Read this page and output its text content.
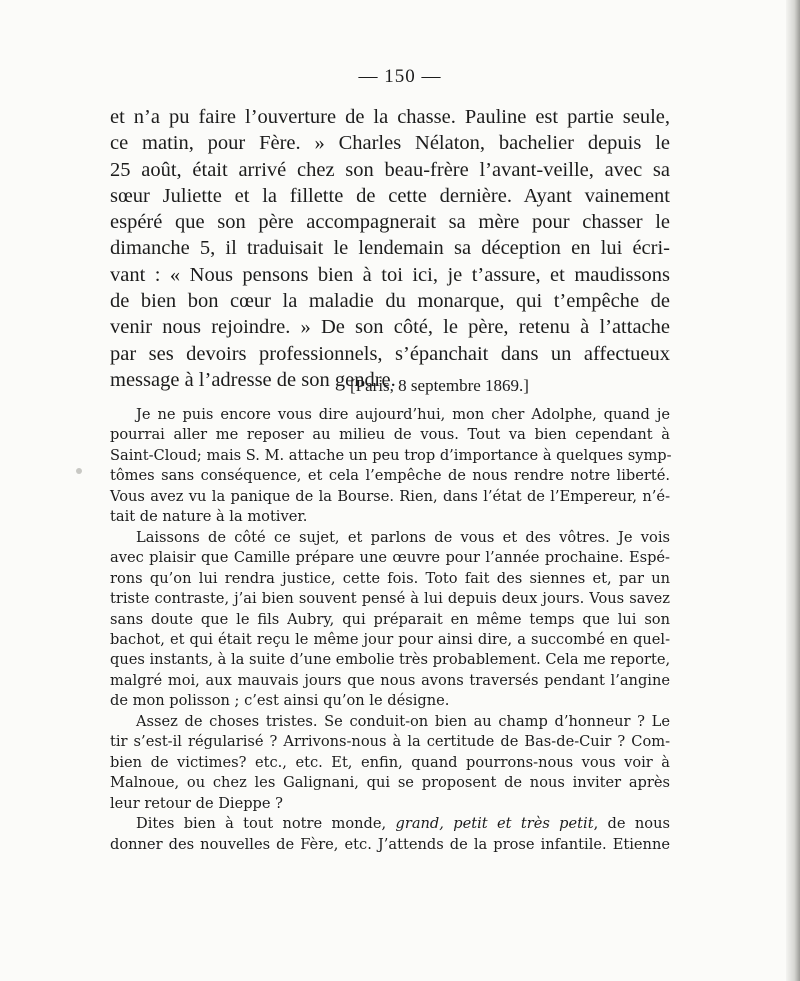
— 150 —
et n’a pu faire l’ouverture de la chasse. Pauline est partie seule,
ce matin, pour Fère. » Charles Nélaton, bachelier depuis le
25 août, était arrivé chez son beau-frère l’avant-veille, avec sa
sœur Juliette et la fillette de cette dernière. Ayant vainement
espéré que son père accompagnerait sa mère pour chasser le
dimanche 5, il traduisait le lendemain sa déception en lui écri-
vant : « Nous pensons bien à toi ici, je t’assure, et maudissons
de bien bon cœur la maladie du monarque, qui t’empêche de
venir nous rejoindre. » De son côté, le père, retenu à l’attache
par ses devoirs professionnels, s’épanchait dans un affectueux
message à l’adresse de son gendre.
[Paris, 8 septembre 1869.]
Je ne puis encore vous dire aujourd’hui, mon cher Adolphe, quand je
pourrai aller me reposer au milieu de vous. Tout va bien cependant à
Saint-Cloud; mais S. M. attache un peu trop d’importance à quelques symp-
tômes sans conséquence, et cela l’empêche de nous rendre notre liberté.
Vous avez vu la panique de la Bourse. Rien, dans l’état de l’Empereur, n’é-
tait de nature à la motiver.
Laissons de côté ce sujet, et parlons de vous et des vôtres. Je vois
avec plaisir que Camille prépare une œuvre pour l’année prochaine. Espé-
rons qu’on lui rendra justice, cette fois. Toto fait des siennes et, par un
triste contraste, j’ai bien souvent pensé à lui depuis deux jours. Vous savez
sans doute que le fils Aubry, qui préparait en même temps que lui son
bachot, et qui était reçu le même jour pour ainsi dire, a succombé en quel-
ques instants, à la suite d’une embolie très probablement. Cela me reporte,
malgré moi, aux mauvais jours que nous avons traversés pendant l’angine
de mon polisson ; c’est ainsi qu’on le désigne.
Assez de choses tristes. Se conduit-on bien au champ d’honneur ? Le
tir s’est-il régularisé ? Arrivons-nous à la certitude de Bas-de-Cuir ? Com-
bien de victimes? etc., etc. Et, enfin, quand pourrons-nous vous voir à
Malnoue, ou chez les Galignani, qui se proposent de nous inviter après
leur retour de Dieppe ?
Dites bien à tout notre monde, grand, petit et très petit, de nous
donner des nouvelles de Fère, etc. J’attends de la prose infantile. Etienne
